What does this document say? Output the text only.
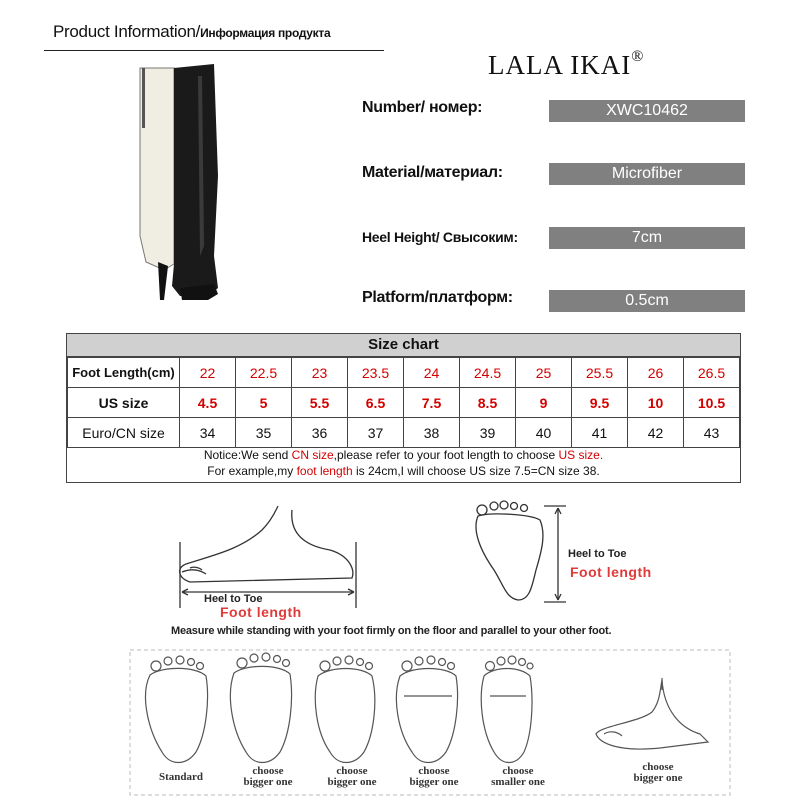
Product Information/Информация продукта
LALA IKAI®
Number/ номер:	XWC10462
Material/материал:	Microfiber
Heel Height/ Свысоким:	7cm
Platform/платформ:	0.5cm
Size chart
Foot Length(cm)	22	22.5	23	23.5	24	24.5	25	25.5	26	26.5
US size	4.5	5	5.5	6.5	7.5	8.5	9	9.5	10	10.5
Euro/CN size	34	35	36	37	38	39	40	41	42	43
Notice:We send CN size,please refer to your foot length to choose US size.
For example,my foot length is 24cm,I will choose US size 7.5=CN size 38.
Heel to Toe
Foot length
Heel to Toe
Foot length
Measure while standing with your foot firmly on the floor and parallel to your other foot.
Standard	choose
bigger one
choose
bigger one
choose
bigger one
choose
smaller one
choose
bigger one
